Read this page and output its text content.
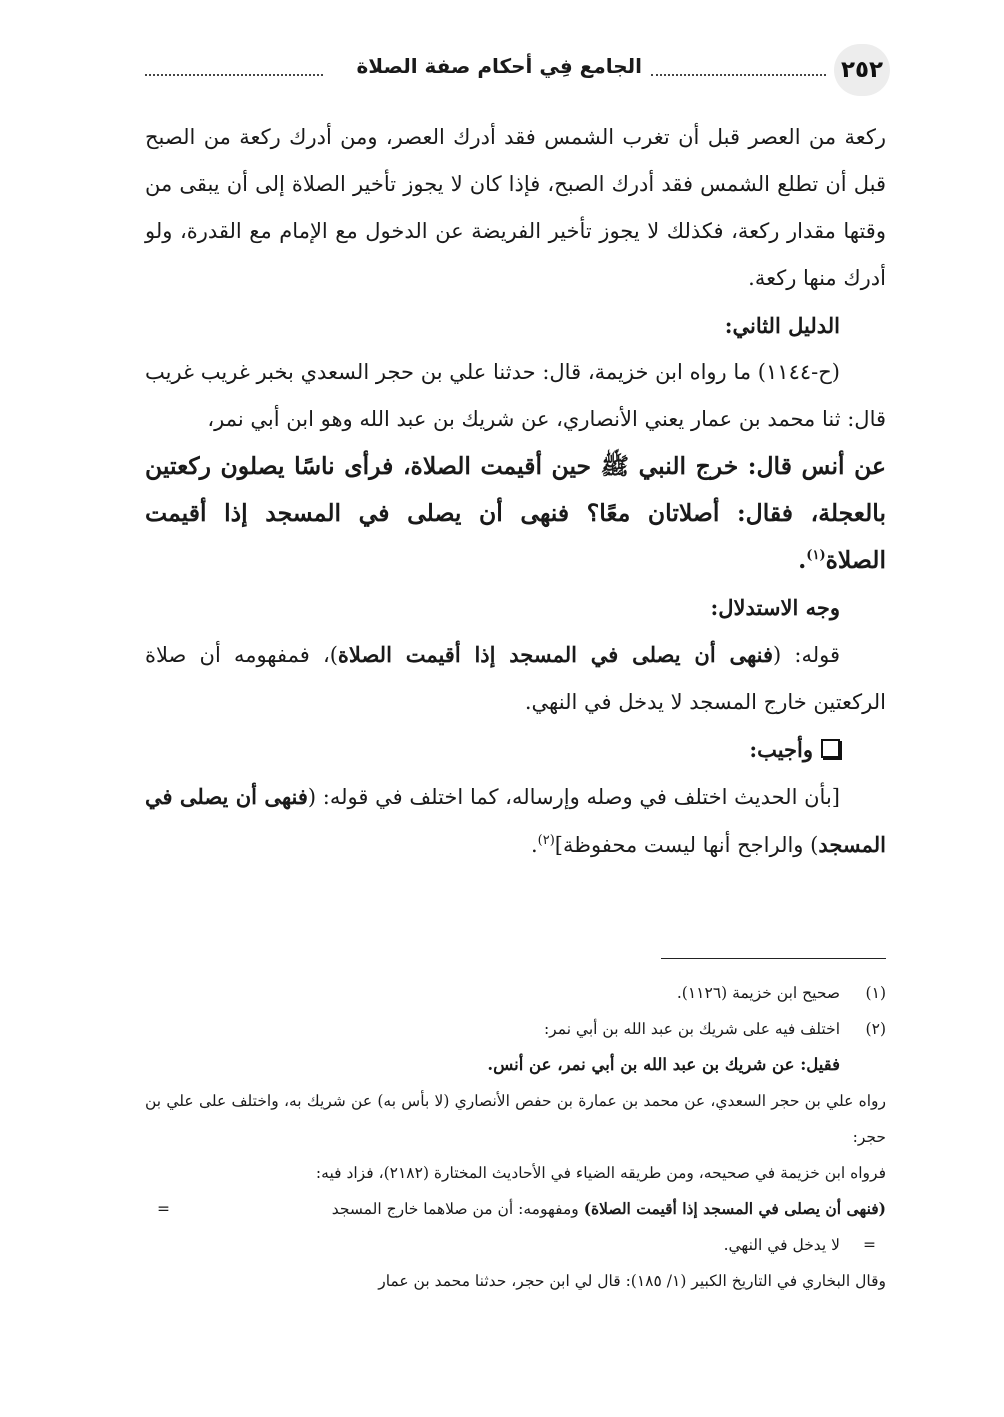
٢٥٢
الجامع فِي أحكام صفة الصلاة

ركعة من العصر قبل أن تغرب الشمس فقد أدرك العصر، ومن أدرك ركعة من الصبح قبل أن تطلع الشمس فقد أدرك الصبح، فإذا كان لا يجوز تأخير الصلاة إلى أن يبقى من وقتها مقدار ركعة، فكذلك لا يجوز تأخير الفريضة عن الدخول مع الإمام مع القدرة، ولو أدرك منها ركعة.

الدليل الثاني:

(ح-١١٤٤) ما رواه ابن خزيمة، قال: حدثنا علي بن حجر السعدي بخبر غريب غريب قال: ثنا محمد بن عمار يعني الأنصاري، عن شريك بن عبد الله وهو ابن أبي نمر،

عن أنس قال: خرج النبي ﷺ حين أقيمت الصلاة، فرأى ناسًا يصلون ركعتين بالعجلة، فقال: أصلاتان معًا؟ فنهى أن يصلى في المسجد إذا أقيمت الصلاة$^{(١)}$.

وجه الاستدلال:

قوله: (فنهى أن يصلى في المسجد إذا أقيمت الصلاة)، فمفهومه أن صلاة الركعتين خارج المسجد لا يدخل في النهي.

وأجيب:

[بأن الحديث اختلف في وصله وإرساله، كما اختلف في قوله: (فنهى أن يصلى في المسجد) والراجح أنها ليست محفوظة]$^{(٢)}$.

(١)
صحيح ابن خزيمة (١١٢٦).
(٢)
اختلف فيه على شريك بن عبد الله بن أبي نمر:
فقيل: عن شريك بن عبد الله بن أبي نمر، عن أنس.
رواه علي بن حجر السعدي، عن محمد بن عمارة بن حفص الأنصاري (لا بأس به) عن شريك به، واختلف على علي بن حجر:
فرواه ابن خزيمة في صحيحه، ومن طريقه الضياء في الأحاديث المختارة (٢١٨٢)، فزاد فيه:
(فنهى أن يصلى في المسجد إذا أقيمت الصلاة) ومفهومه: أن من صلاهما خارج المسجد
=
=
لا يدخل في النهي.
وقال البخاري في التاريخ الكبير (١/ ١٨٥): قال لي ابن حجر، حدثنا محمد بن عمار
